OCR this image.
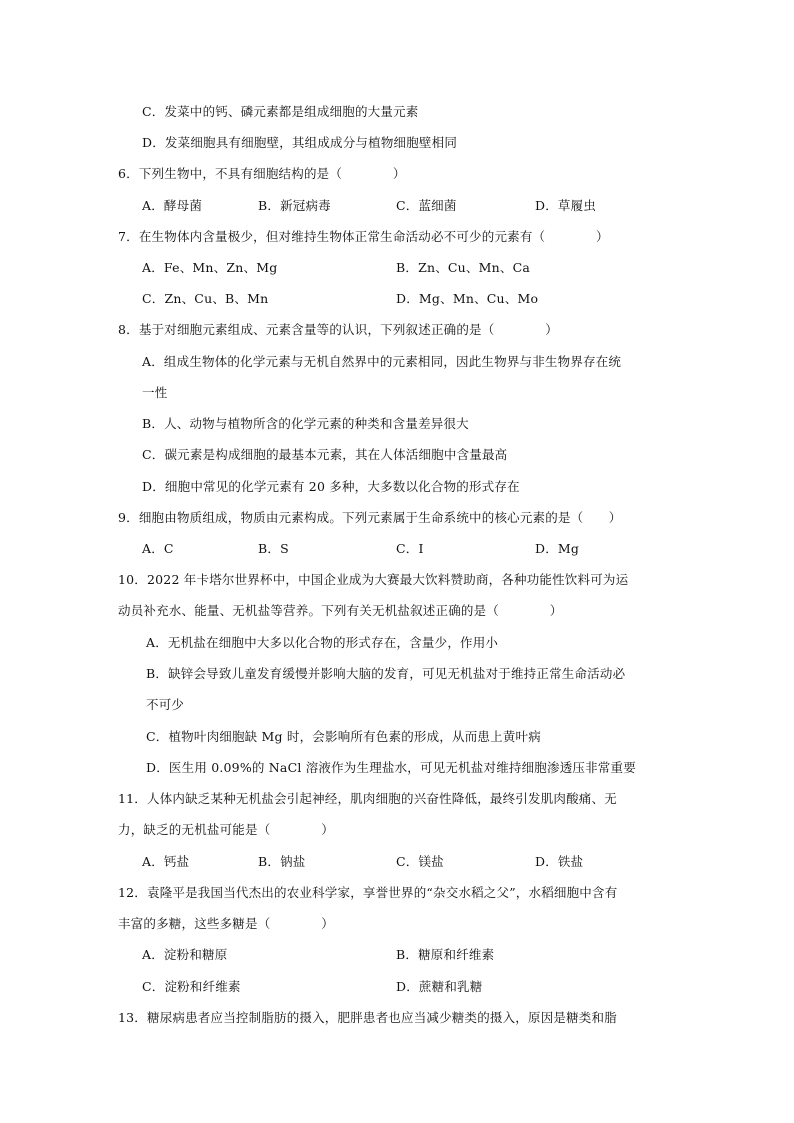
C．发菜中的钙、磷元素都是组成细胞的大量元素
D．发菜细胞具有细胞壁，其组成成分与植物细胞壁相同
6．下列生物中，不具有细胞结构的是（　　　　）
A．酵母菌	B．新冠病毒	C．蓝细菌	D．草履虫
7．在生物体内含量极少，但对维持生物体正常生命活动必不可少的元素有（　　　　）
A．Fe、Mn、Zn、Mg	B．Zn、Cu、Mn、Ca
C．Zn、Cu、B、Mn	D．Mg、Mn、Cu、Mo
8．基于对细胞元素组成、元素含量等的认识，下列叙述正确的是（　　　　）
A．组成生物体的化学元素与无机自然界中的元素相同，因此生物界与非生物界存在统
一性
B．人、动物与植物所含的化学元素的种类和含量差异很大
C．碳元素是构成细胞的最基本元素，其在人体活细胞中含量最高
D．细胞中常见的化学元素有 20 多种，大多数以化合物的形式存在
9．细胞由物质组成，物质由元素构成。下列元素属于生命系统中的核心元素的是（　　）
A．C	B．S	C．I	D．Mg
10．2022 年卡塔尔世界杯中，中国企业成为大赛最大饮料赞助商，各种功能性饮料可为运
动员补充水、能量、无机盐等营养。下列有关无机盐叙述正确的是（　　　　）
A．无机盐在细胞中大多以化合物的形式存在，含量少，作用小
B．缺锌会导致儿童发育缓慢并影响大脑的发育，可见无机盐对于维持正常生命活动必
不可少
C．植物叶肉细胞缺 Mg 时，会影响所有色素的形成，从而患上黄叶病
D．医生用 0.09%的 NaCl 溶液作为生理盐水，可见无机盐对维持细胞渗透压非常重要
11．人体内缺乏某种无机盐会引起神经，肌肉细胞的兴奋性降低，最终引发肌肉酸痛、无
力，缺乏的无机盐可能是（　　　　）
A．钙盐	B．钠盐	C．镁盐	D．铁盐
12．袁隆平是我国当代杰出的农业科学家，享誉世界的“杂交水稻之父”，水稻细胞中含有
丰富的多糖，这些多糖是（　　　　）
A．淀粉和糖原	B．糖原和纤维素
C．淀粉和纤维素	D．蔗糖和乳糖
13．糖尿病患者应当控制脂肪的摄入，肥胖患者也应当减少糖类的摄入，原因是糖类和脂
